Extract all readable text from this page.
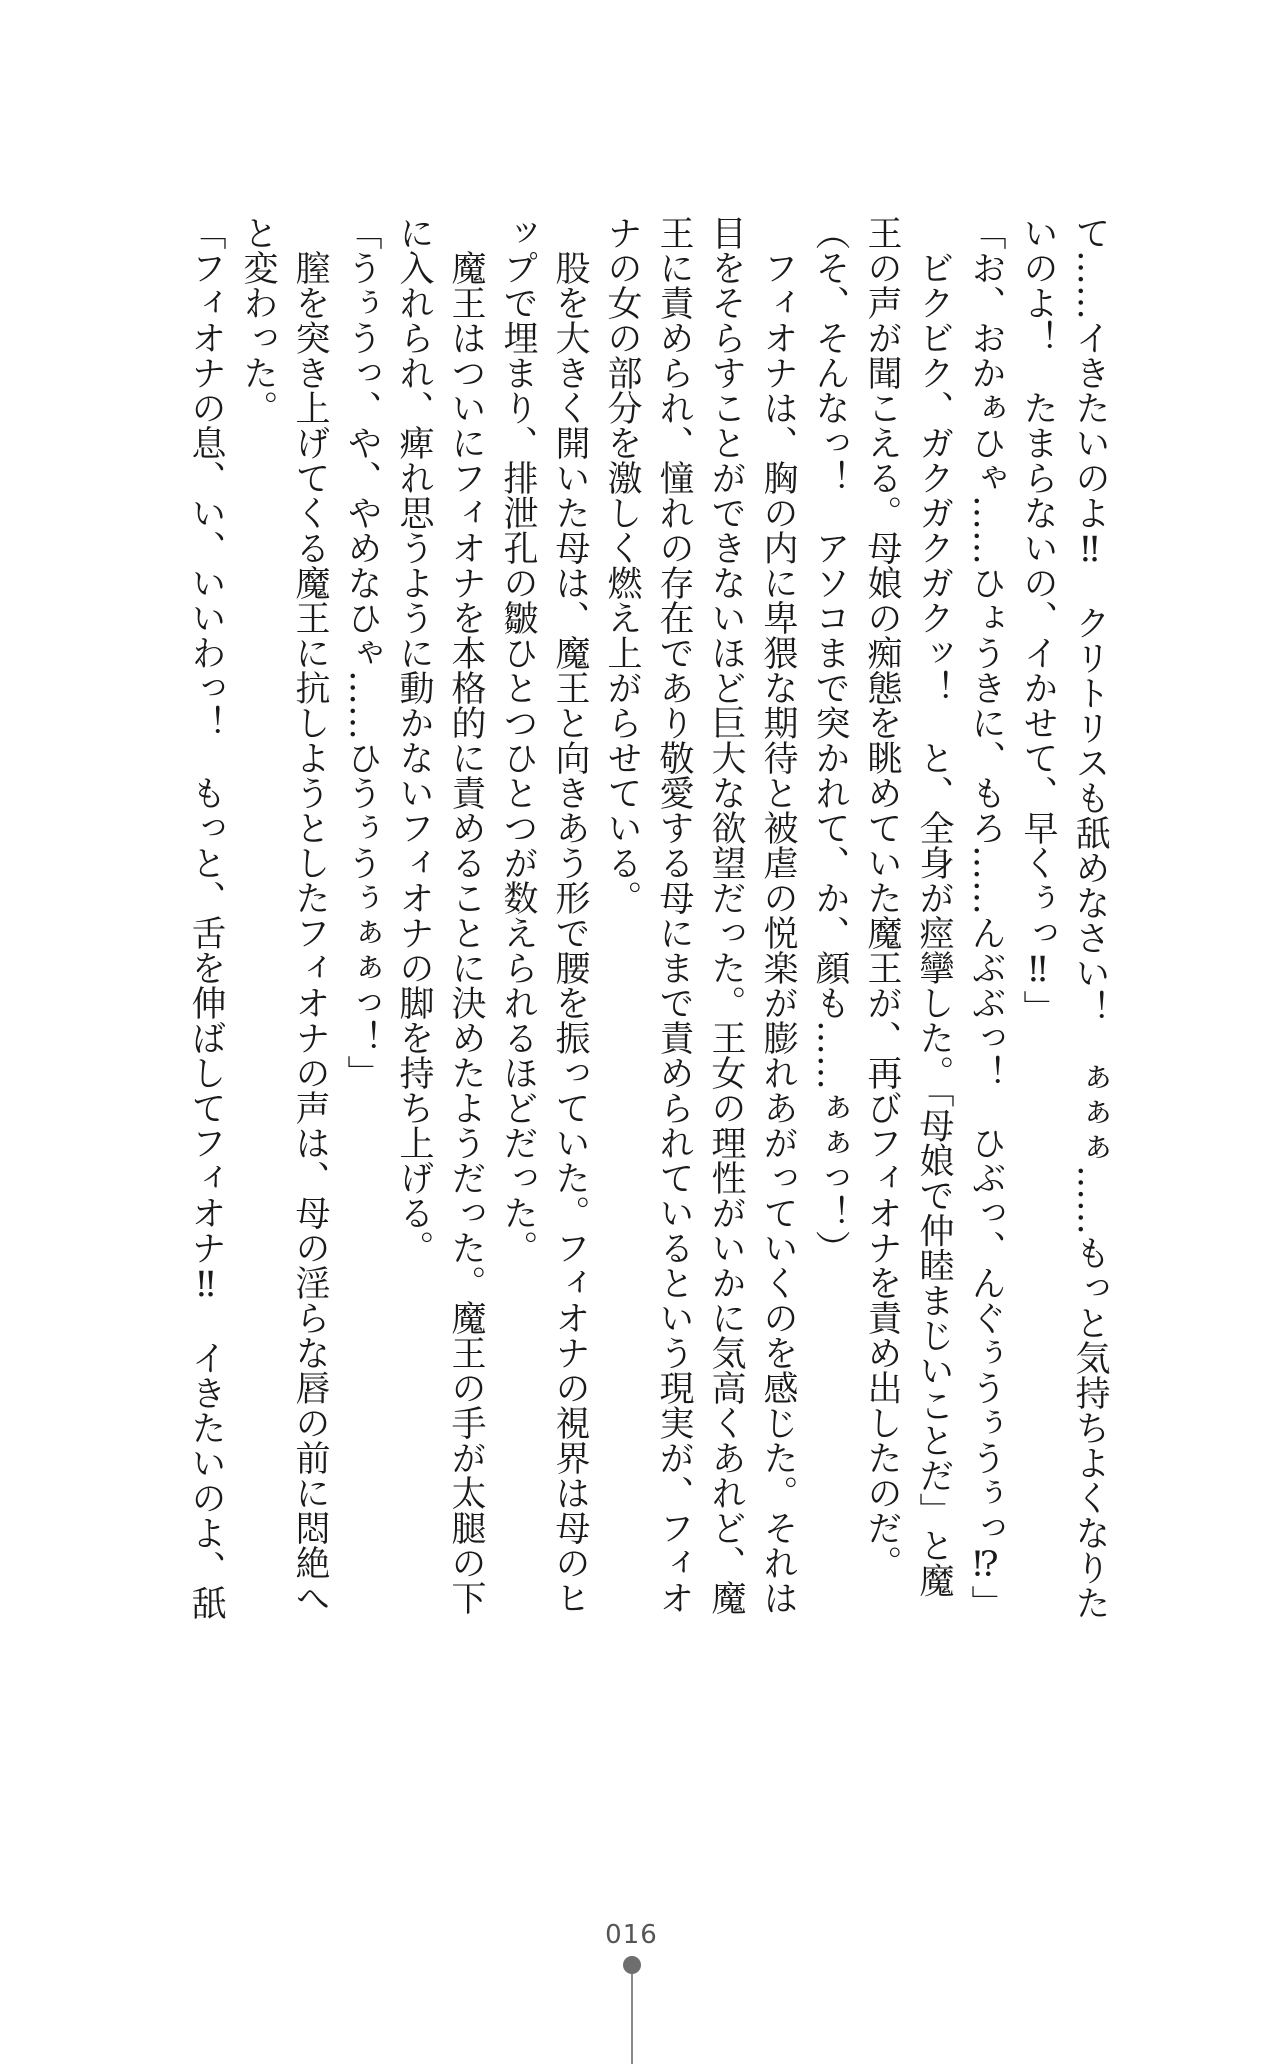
て……イきたいのよ‼　クリトリスも舐めなさい！　ぁぁぁ……もっと気持ちよくなりた

いのよ！　たまらないの、イかせて、早くぅっ‼」

「お、おかぁひゃ……ひょうきに、もろ……んぶぶっ！　ひぶっ、んぐぅうぅうぅっ⁉」

　ビクビク、ガクガクガクッ！　と、全身が痙攣した。「母娘で仲睦まじいことだ」と魔

王の声が聞こえる。母娘の痴態を眺めていた魔王が、再びフィオナを責め出したのだ。

（そ、そんなっ！　アソコまで突かれて、か、顔も……ぁぁっ！）

　フィオナは、胸の内に卑猥な期待と被虐の悦楽が膨れあがっていくのを感じた。それは

目をそらすことができないほど巨大な欲望だった。王女の理性がいかに気高くあれど、魔

王に責められ、憧れの存在であり敬愛する母にまで責められているという現実が、フィオ

ナの女の部分を激しく燃え上がらせている。

　股を大きく開いた母は、魔王と向きあう形で腰を振っていた。フィオナの視界は母のヒ

ップで埋まり、排泄孔の皺ひとつひとつが数えられるほどだった。

　魔王はついにフィオナを本格的に責めることに決めたようだった。魔王の手が太腿の下

に入れられ、痺れ思うように動かないフィオナの脚を持ち上げる。

「うぅうっ、や、やめなひゃ……ひうぅうぅぁぁっ！」

　膣を突き上げてくる魔王に抗しようとしたフィオナの声は、母の淫らな唇の前に悶絶へ

と変わった。

「フィオナの息、い、いいわっ！　もっと、舌を伸ばしてフィオナ‼　イきたいのよ、舐

016
